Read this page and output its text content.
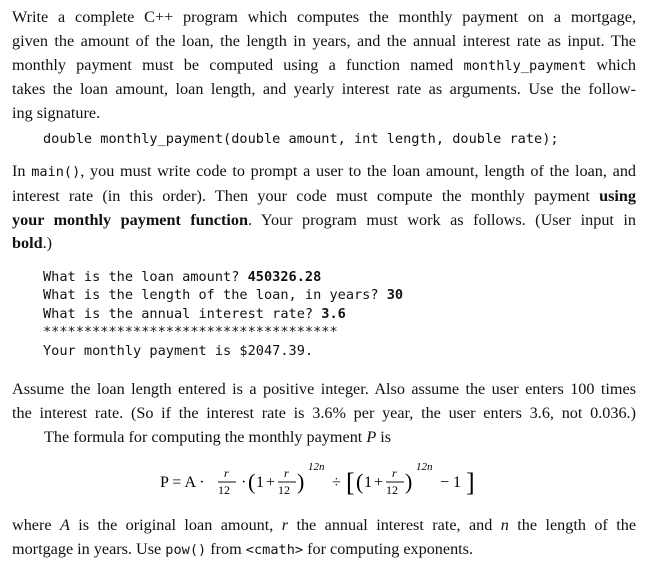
Write a complete C++ program which computes the monthly payment on a mortgage,
given the amount of the loan, the length in years, and the annual interest rate as input. The
monthly payment must be computed using a function named monthly_payment which
takes the loan amount, loan length, and yearly interest rate as arguments. Use the follow-
ing signature.
double monthly_payment(double amount, int length, double rate);
In main(), you must write code to prompt a user to the loan amount, length of the loan, and
interest rate (in this order). Then your code must compute the monthly payment using
your monthly payment function. Your program must work as follows. (User input in
bold.)
What is the loan amount? 450326.28
What is the length of the loan, in years? 30
What is the annual interest rate? 3.6
************************************
Your monthly payment is $2047.39.
Assume the loan length entered is a positive integer. Also assume the user enters 100 times
the interest rate. (So if the interest rate is 3.6% per year, the user enters 3.6, not 0.036.)
The formula for computing the monthly payment P is
P = A ·
r
12 · ( 1 +
r
12 )
12n
÷ [ ( 1 +
r
12 )
12n
− 1 ]
where A is the original loan amount, r the annual interest rate, and n the length of the
mortgage in years. Use pow() from <cmath> for computing exponents.
